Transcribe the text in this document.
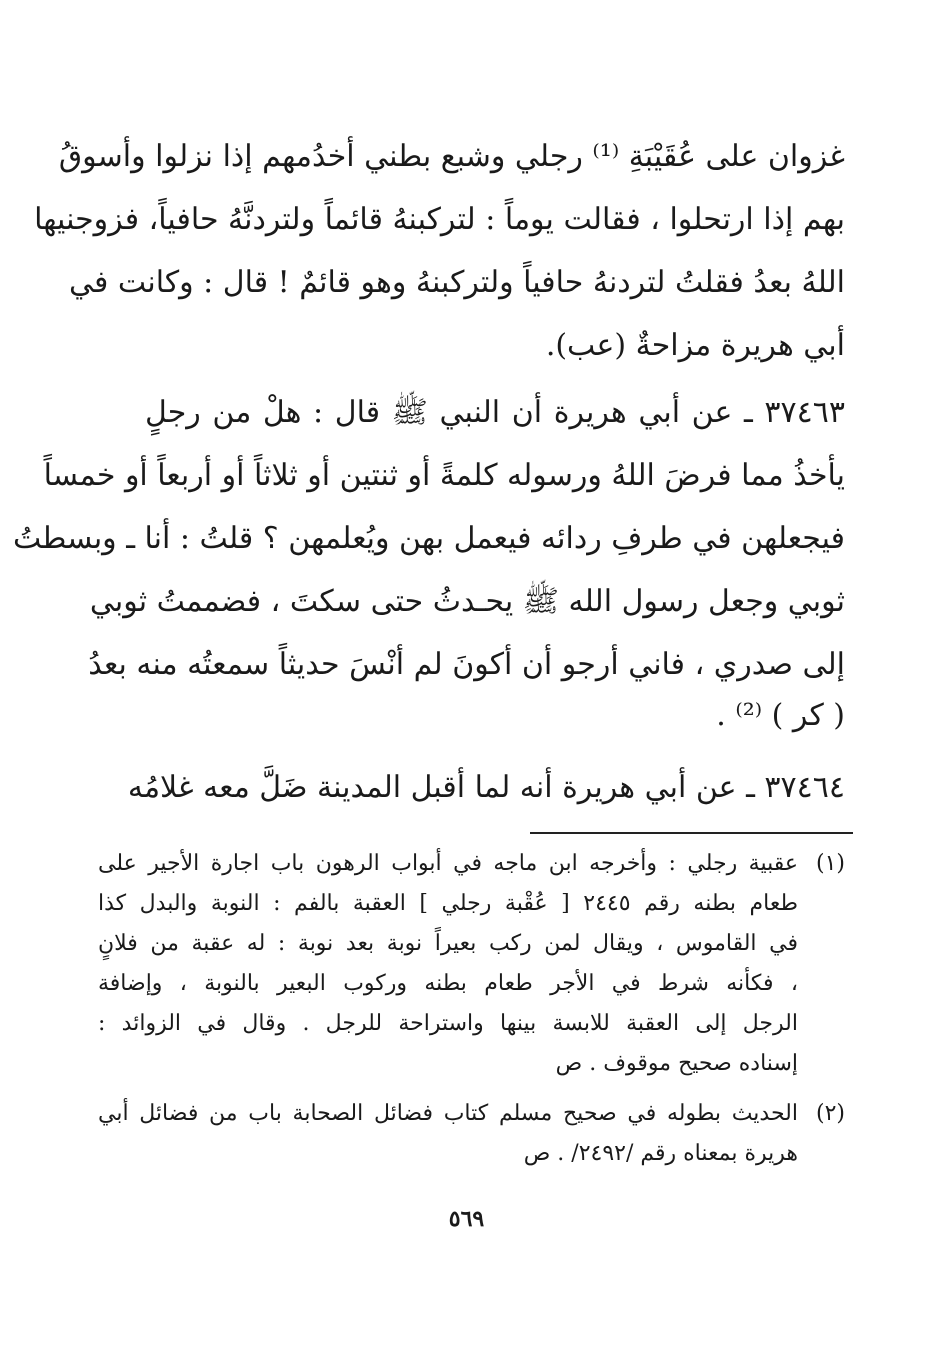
غزوان على عُقَيْبَةِ ⁽¹⁾ رجلي وشبع بطني أخدُمهم إذا نزلوا وأسوقُ
بهم إذا ارتحلوا ، فقالت يوماً : لتركبنهُ قائماً ولتردنَّهُ حافياً، فزوجنيها
اللهُ بعدُ فقلتُ لتردنهُ حافياً ولتركبنهُ وهو قائمٌ ! قال : وكانت في
أبي هريرة مزاحةٌ (عب).
٣٧٤٦٣ ـ عن أبي هريرة أن النبي ﷺ قال : هلْ من رجلٍ
يأخذُ مما فرضَ اللهُ ورسوله كلمةً أو ثنتين أو ثلاثاً أو أربعاً أو خمساً
فيجعلهن في طرفِ ردائه فيعمل بهن ويُعلمهن ؟ قلتُ : أنا ـ وبسطتُ
ثوبي وجعل رسول الله ﷺ يحـدثُ حتى سكتَ ، فضممتُ ثوبي
إلى صدري ، فاني أرجو أن أكونَ لم أنْسَ حديثاً سمعتُه منه بعدُ
( كر ) ⁽²⁾ .
٣٧٤٦٤ ـ عن أبي هريرة أنه لما أقبل المدينة ضَلَّ معه غلامُه
(١)
عقبية رجلي : وأخرجه ابن ماجه في أبواب الرهون باب اجارة الأجير على
طعام بطنه رقم ٢٤٤٥ [ عُقْبة رجلي ] العقبة بالفم : النوبة والبدل كذا
في القاموس ، ويقال لمن ركب بعيراً نوبة بعد نوبة : له عقبة من فلانٍ
، فكأنه شرط في الأجر طعام بطنه وركوب البعير بالنوبة ، وإضافة
الرجل إلى العقبة للابسة بينها واستراحة للرجل . وقال في الزوائد :
إسناده صحيح موقوف . ص
(٢)
الحديث بطوله في صحيح مسلم كتاب فضائل الصحابة باب من فضائل أبي
هريرة بمعناه رقم /٢٤٩٢/ . ص
٥٦٩
